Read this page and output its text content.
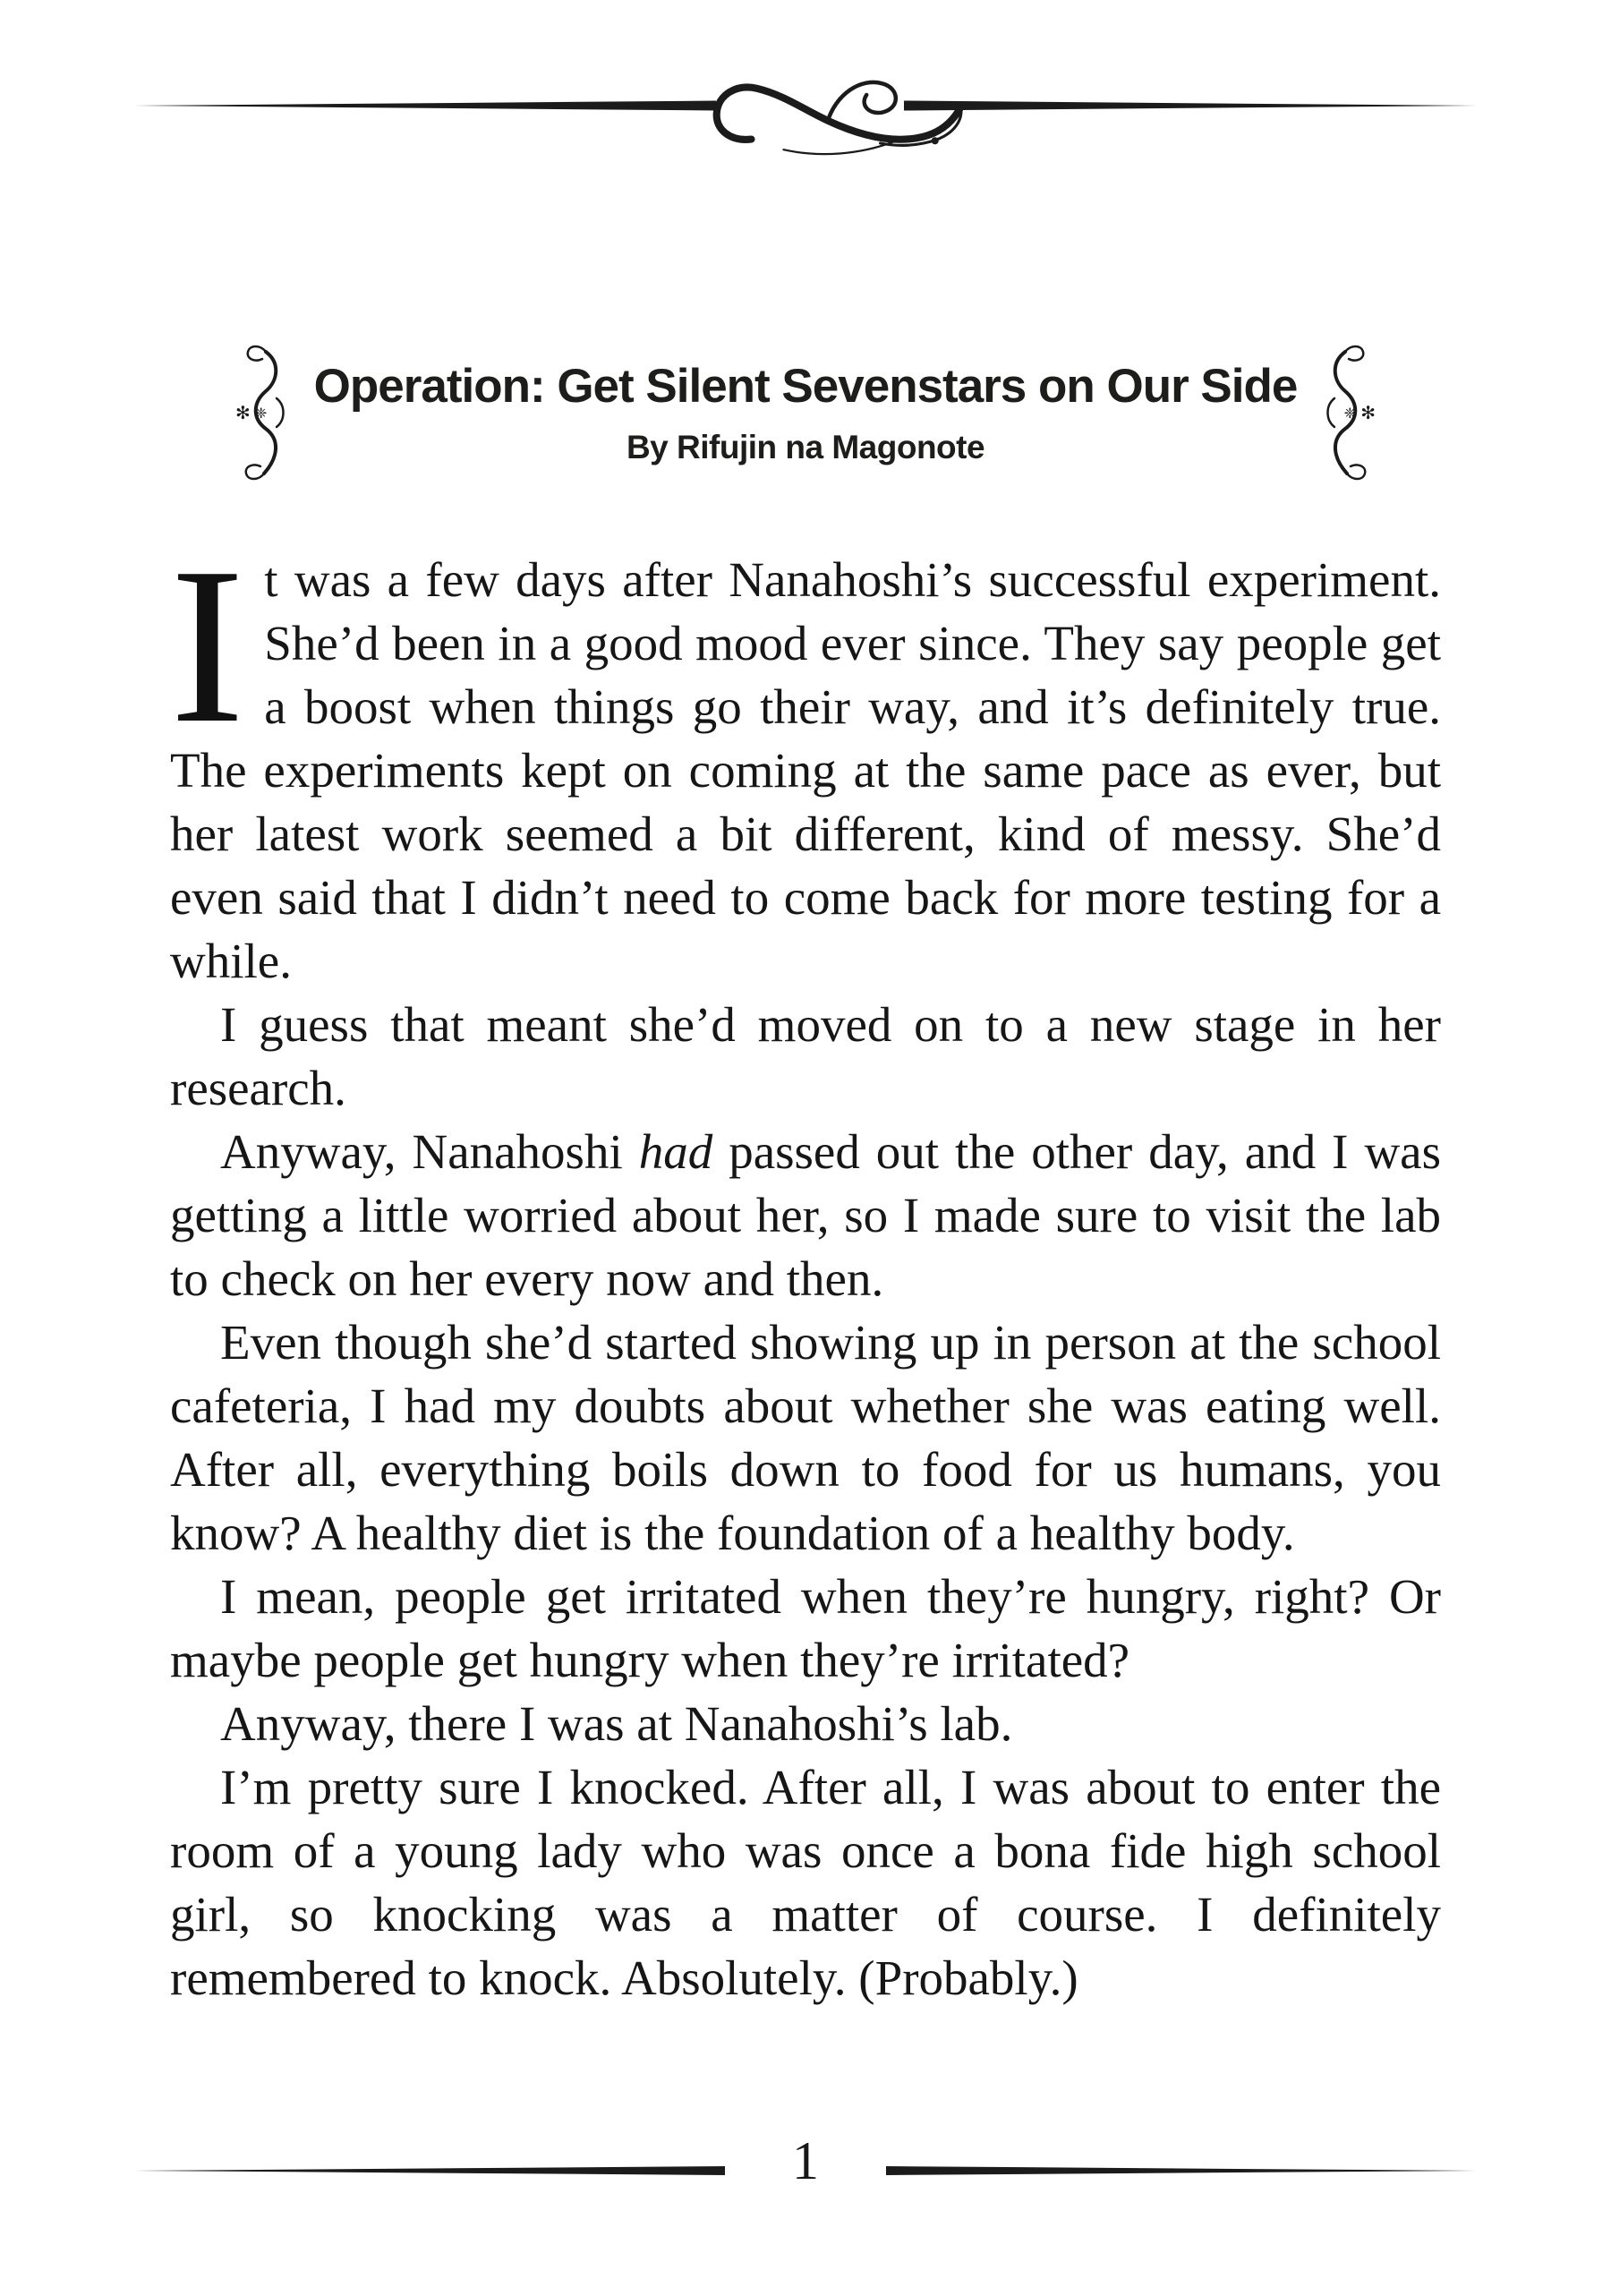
✻ ❈
Operation: Get Silent Sevenstars on Our Side
By Rifujin na Magonote
✻
❈

It was a few days after Nanahoshi’s successful experiment. She’d been in a good mood ever since. They say people get a boost when things go their way, and it’s definitely true. The experiments kept on coming at the same pace as ever, but her latest work seemed a bit different, kind of messy. She’d even said that I didn’t need to come back for more testing for a while.

I guess that meant she’d moved on to a new stage in her research.

Anyway, Nanahoshi had passed out the other day, and I was getting a little worried about her, so I made sure to visit the lab to check on her every now and then.

Even though she’d started showing up in person at the school cafeteria, I had my doubts about whether she was eating well. After all, everything boils down to food for us humans, you know? A healthy diet is the foundation of a healthy body.

I mean, people get irritated when they’re hungry, right? Or maybe people get hungry when they’re irritated?

Anyway, there I was at Nanahoshi’s lab.

I’m pretty sure I knocked. After all, I was about to enter the room of a young lady who was once a bona fide high school girl, so knocking was a matter of course. I definitely remembered to knock. Absolutely. (Probably.)

1
